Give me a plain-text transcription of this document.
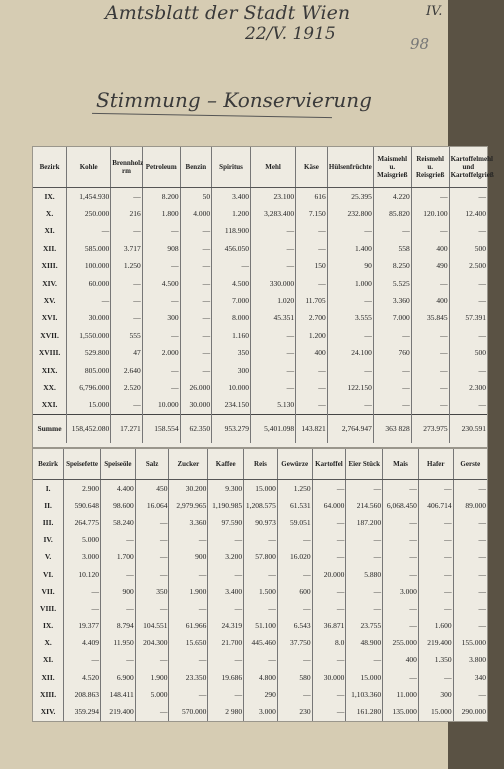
Amtsblatt der Stadt Wien	IV.
22/V. 1915	98
Stimmung – Konservierung
Bezirk	Kohle	Brennholz rm	Petroleum	Benzin	Spiritus	Mehl	Käse	Hülsenfrüchte	Maismehl u. Maisgrieß	Reismehl u. Reisgrieß	Kartoffelmehl und Kartoffelgrieß
IX.	1,454.930	—	8.200	50	3.400	23.100	616	25.395	4.220	—	—
X.	250.000	216	1.800	4.000	1.200	3,283.400	7.150	232.800	85.820	120.100	12.400
XI.	—	—	—	—	118.900	—	—	—	—	—	—
XII.	585.000	3.717	908	—	456.050	—	—	1.400	558	400	500
XIII.	100.000	1.250	—	—	—	—	150	90	8.250	490	2.500
XIV.	60.000	—	4.500	—	4.500	330.000	—	1.000	5.525	—	—
XV.	—	—	—	—	7.000	1.020	11.705	—	3.360	400	—
XVI.	30.000	—	300	—	8.000	45.351	2.700	3.555	7.000	35.845	57.391
XVII.	1,550.000	555	—	—	1.160	—	1.200	—	—	—	—
XVIII.	529.800	47	2.000	—	350	—	400	24.100	760	—	500
XIX.	805.000	2.640	—	—	300	—	—	—	—	—	—
XX.	6,796.000	2.520	—	26.000	10.000	—	—	122.150	—	—	2.300
XXI.	15.000	—	10.000	30.000	234.150	5.130	—	—	—	—	—
Summe	158,452.080	17.271	158.554	62.350	953.279	5,401.098	143.821	2,764.947	363 828	273.975	230.591
Bezirk	Speisefette	Speiseöle	Salz	Zucker	Kaffee	Reis	Gewürze	Kartoffel	Eier Stück	Mais	Hafer	Gerste
I.	2.900	4.400	450	30.200	9.300	15.000	1.250	—	—	—	—	—
II.	590.648	98.600	16.064	2,979.965	1,190.985	1,208.575	61.531	64.000	214.560	6,068.450	406.714	89.000
III.	264.775	58.240	—	3.360	97.590	90.973	59.051	—	187.200	—	—	—
IV.	5.000	—	—	—	—	—	—	—	—	—	—	—
V.	3.000	1.700	—	900	3.200	57.800	16.020	—	—	—	—	—
VI.	10.120	—	—	—	—	—	—	20.000	5.880	—	—	—
VII.	—	900	350	1.900	3.400	1.500	600	—	—	3.000	—	—
VIII.	—	—	—	—	—	—	—	—	—	—	—	—
IX.	19.377	8.794	104.551	61.966	24.319	51.100	6.543	36.871	23.755	—	1.600	—
X.	4.409	11.950	204.300	15.650	21.700	445.460	37.750	8.0	48.900	255.000	219.400	155.000
XI.	—	—	—	—	—	—	—	—	—	400	1.350	3.800
XII.	4.520	6.900	1.900	23.350	19.686	4.800	580	30.000	15.000	—	—	340
XIII.	208.863	148.411	5.000	—	—	290	—	—	1,103.360	11.000	300	—
XIV.	359.294	219.400	—	570.000	2 980	3.000	230	—	161.280	135.000	15.000	290.000
